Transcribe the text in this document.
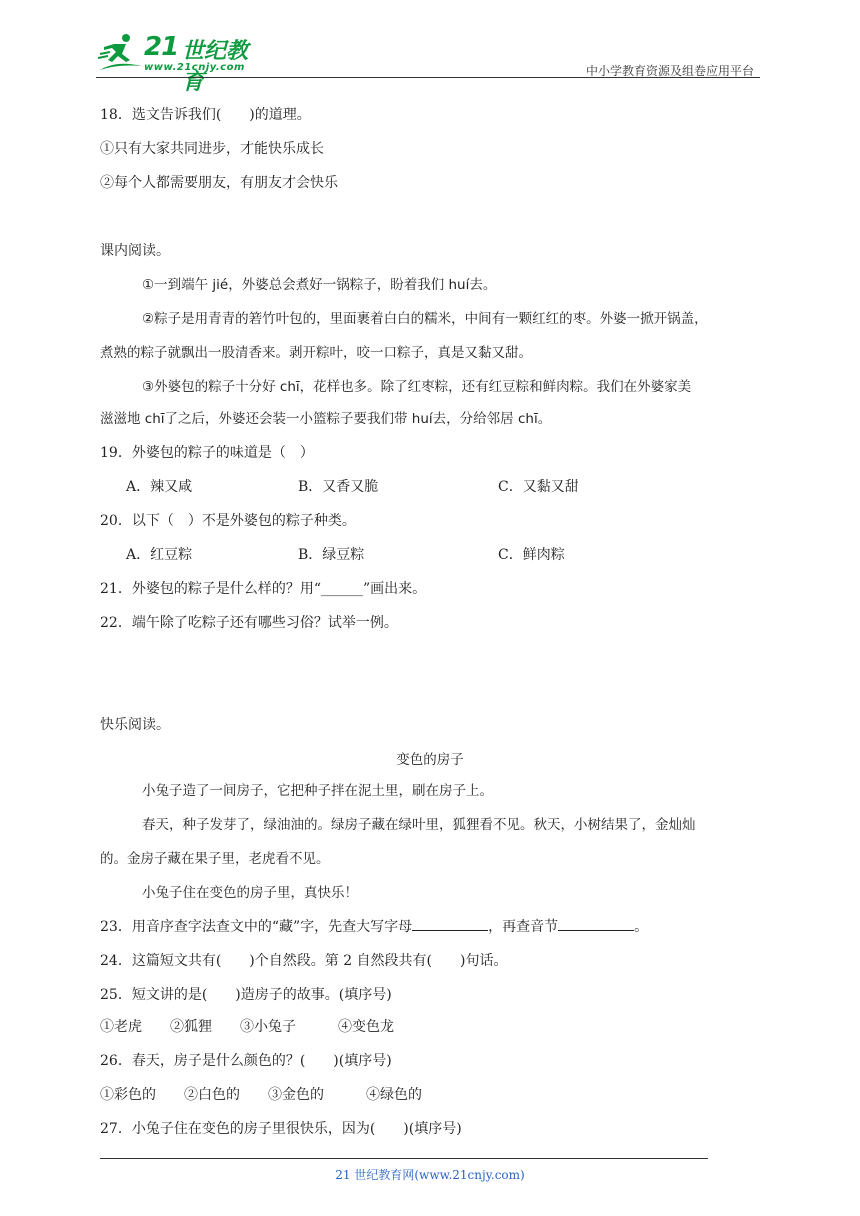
21 世纪教育
www.21cnjy.com	中小学教育资源及组卷应用平台
18．选文告诉我们(　　)的道理。
①只有大家共同进步，才能快乐成长
②每个人都需要朋友，有朋友才会快乐
课内阅读。
①一到端午 jié，外婆总会煮好一锅粽子，盼着我们 huí去。
②粽子是用青青的箬竹叶包的，里面裹着白白的糯米，中间有一颗红红的枣。外婆一掀开锅盖，
煮熟的粽子就飘出一股清香来。剥开粽叶，咬一口粽子，真是又黏又甜。
③外婆包的粽子十分好 chī，花样也多。除了红枣粽，还有红豆粽和鲜肉粽。我们在外婆家美
滋滋地 chī了之后，外婆还会装一小篮粽子要我们带 huí去，分给邻居 chī。
19．外婆包的粽子的味道是（　）
A．辣又咸	B．又香又脆	C．又黏又甜
20．以下（　）不是外婆包的粽子种类。
A．红豆粽	B．绿豆粽	C．鲜肉粽
21．外婆包的粽子是什么样的？用“______”画出来。
22．端午除了吃粽子还有哪些习俗？试举一例。
快乐阅读。
变色的房子
小兔子造了一间房子，它把种子拌在泥土里，刷在房子上。
春天，种子发芽了，绿油油的。绿房子藏在绿叶里，狐狸看不见。秋天，小树结果了，金灿灿
的。金房子藏在果子里，老虎看不见。
小兔子住在变色的房子里，真快乐！
23．用音序查字法查文中的“藏”字，先查大写字母	，再查音节	。
24．这篇短文共有(　　)个自然段。第 2 自然段共有(　　)句话。
25．短文讲的是(　　)造房子的故事。(填序号)
①老虎　　②狐狸　　③小兔子　　　④变色龙
26．春天，房子是什么颜色的？(　　)(填序号)
①彩色的　　②白色的　　③金色的　　　④绿色的
27．小兔子住在变色的房子里很快乐，因为(　　)(填序号)
21 世纪教育网(www.21cnjy.com)
